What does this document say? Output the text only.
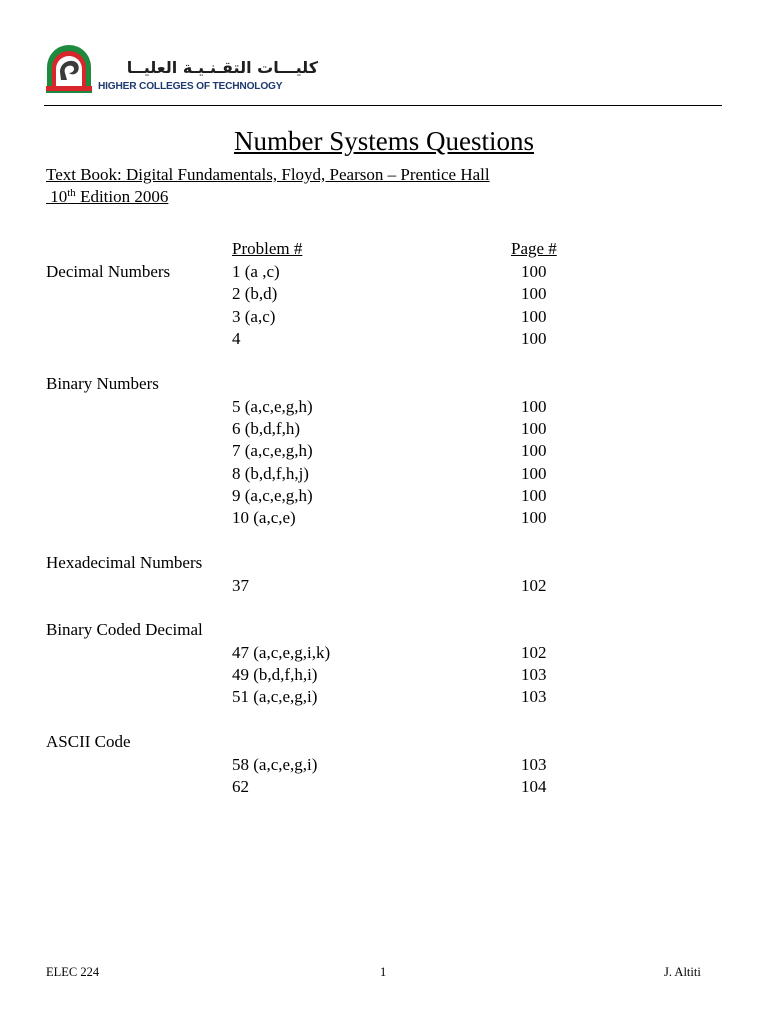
كليـــات التقـنـيـة العليــا
HIGHER COLLEGES OF TECHNOLOGY
Number Systems Questions
Text Book: Digital Fundamentals, Floyd, Pearson – Prentice Hall
10th Edition 2006
Problem #	Page #
Decimal Numbers	1 (a ,c)	100
2 (b,d)	100
3 (a,c)	100
4	100
Binary Numbers
5 (a,c,e,g,h)	100
6 (b,d,f,h)	100
7 (a,c,e,g,h)	100
8 (b,d,f,h,j)	100
9 (a,c,e,g,h)	100
10 (a,c,e)	100
Hexadecimal Numbers
37	102
Binary Coded Decimal
47 (a,c,e,g,i,k)	102
49 (b,d,f,h,i)	103
51 (a,c,e,g,i)	103
ASCII Code
58 (a,c,e,g,i)	103
62	104
ELEC 224	1	J. Altiti
